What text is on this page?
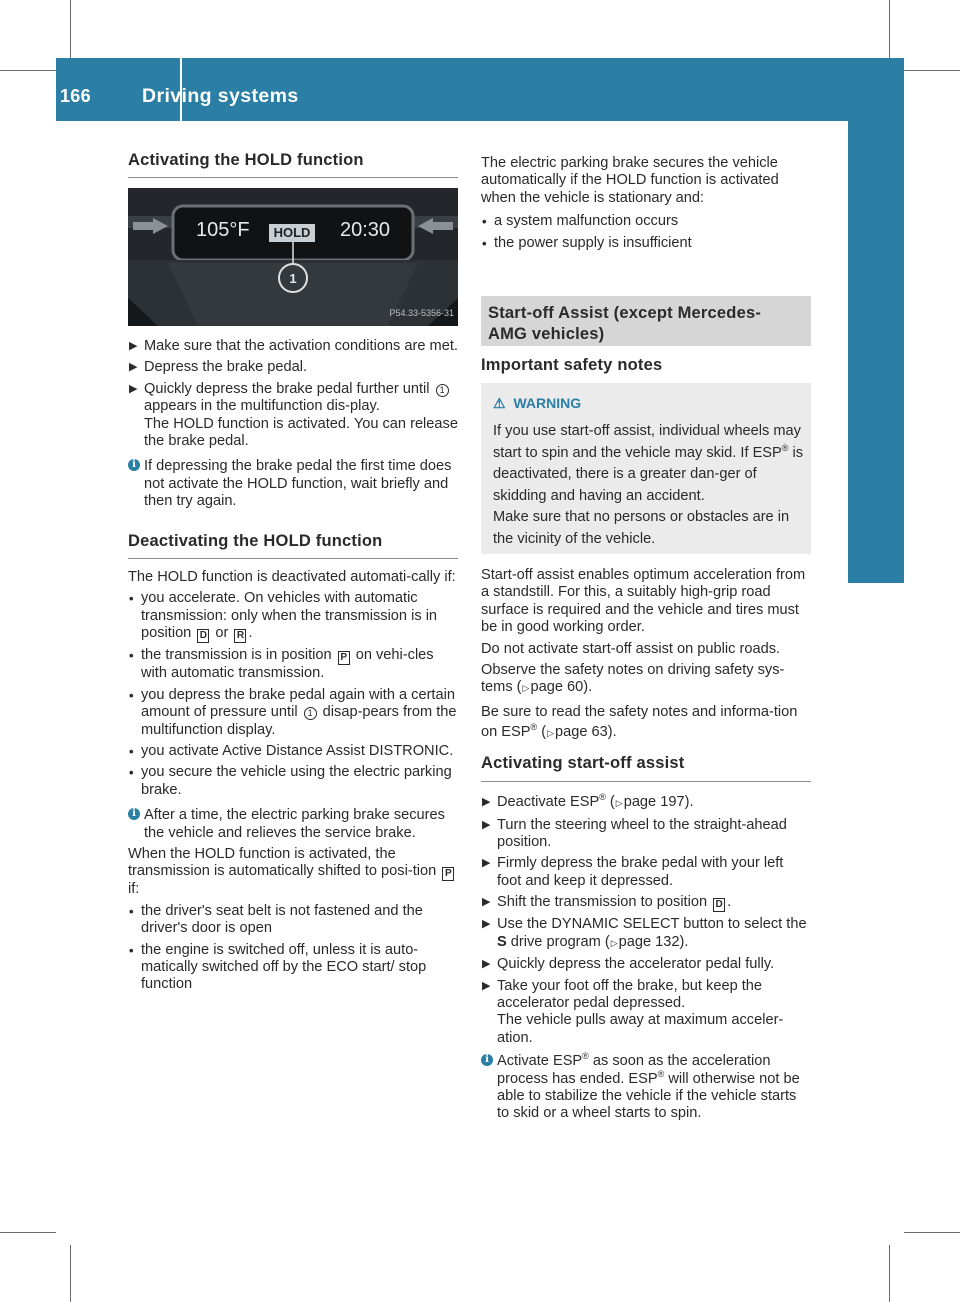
166	Driving systems
Driving and parking
Activating the HOLD function
105°F	HOLD 20:30
1
P54.33-5356-31
▶ Make sure that the activation conditions are met.
▶ Depress the brake pedal.
▶ Quickly depress the brake pedal further until 1 appears in the multifunction dis-play.

The HOLD function is activated. You can release the brake pedal.

i If depressing the brake pedal the first time does not activate the HOLD function, wait briefly and then try again.
Deactivating the HOLD function

The HOLD function is deactivated automati-cally if:

• you accelerate. On vehicles with automatic transmission: only when the transmission is in position D or R .
• the transmission is in position P on vehi-cles with automatic transmission.
• you depress the brake pedal again with a certain amount of pressure until 1 disap-pears from the multifunction display.
• you activate Active Distance Assist DISTRONIC.
• you secure the vehicle using the electric parking brake.
i After a time, the electric parking brake secures the vehicle and relieves the service brake.

When the HOLD function is activated, the transmission is automatically shifted to posi-tion P if:

• the driver's seat belt is not fastened and the driver's door is open
• the engine is switched off, unless it is auto-matically switched off by the ECO start/ stop function

The electric parking brake secures the vehicle automatically if the HOLD function is activated when the vehicle is stationary and:

• a system malfunction occurs
• the power supply is insufficient
Start-off Assist (except Mercedes-AMG vehicles)
Important safety notes
⚠ WARNING
If you use start-off assist, individual wheels may start to spin and the vehicle may skid. If ESP® is deactivated, there is a greater dan-ger of skidding and having an accident.

Make sure that no persons or obstacles are in the vicinity of the vehicle.

Start-off assist enables optimum acceleration from a standstill. For this, a suitably high-grip road surface is required and the vehicle and tires must be in good working order.

Do not activate start-off assist on public roads.

Observe the safety notes on driving safety sys-tems (▷page 60).

Be sure to read the safety notes and informa-tion on ESP® (▷page 63).

Activating start-off assist
▶ Deactivate ESP® (▷page 197).
▶ Turn the steering wheel to the straight-ahead position.
▶ Firmly depress the brake pedal with your left foot and keep it depressed.
▶ Shift the transmission to position D .
▶ Use the DYNAMIC SELECT button to select the S drive program (▷page 132).
▶ Quickly depress the accelerator pedal fully.
▶ Take your foot off the brake, but keep the accelerator pedal depressed.

The vehicle pulls away at maximum acceler-ation.

i Activate ESP® as soon as the acceleration process has ended. ESP® will otherwise not be able to stabilize the vehicle if the vehicle starts to skid or a wheel starts to spin.
